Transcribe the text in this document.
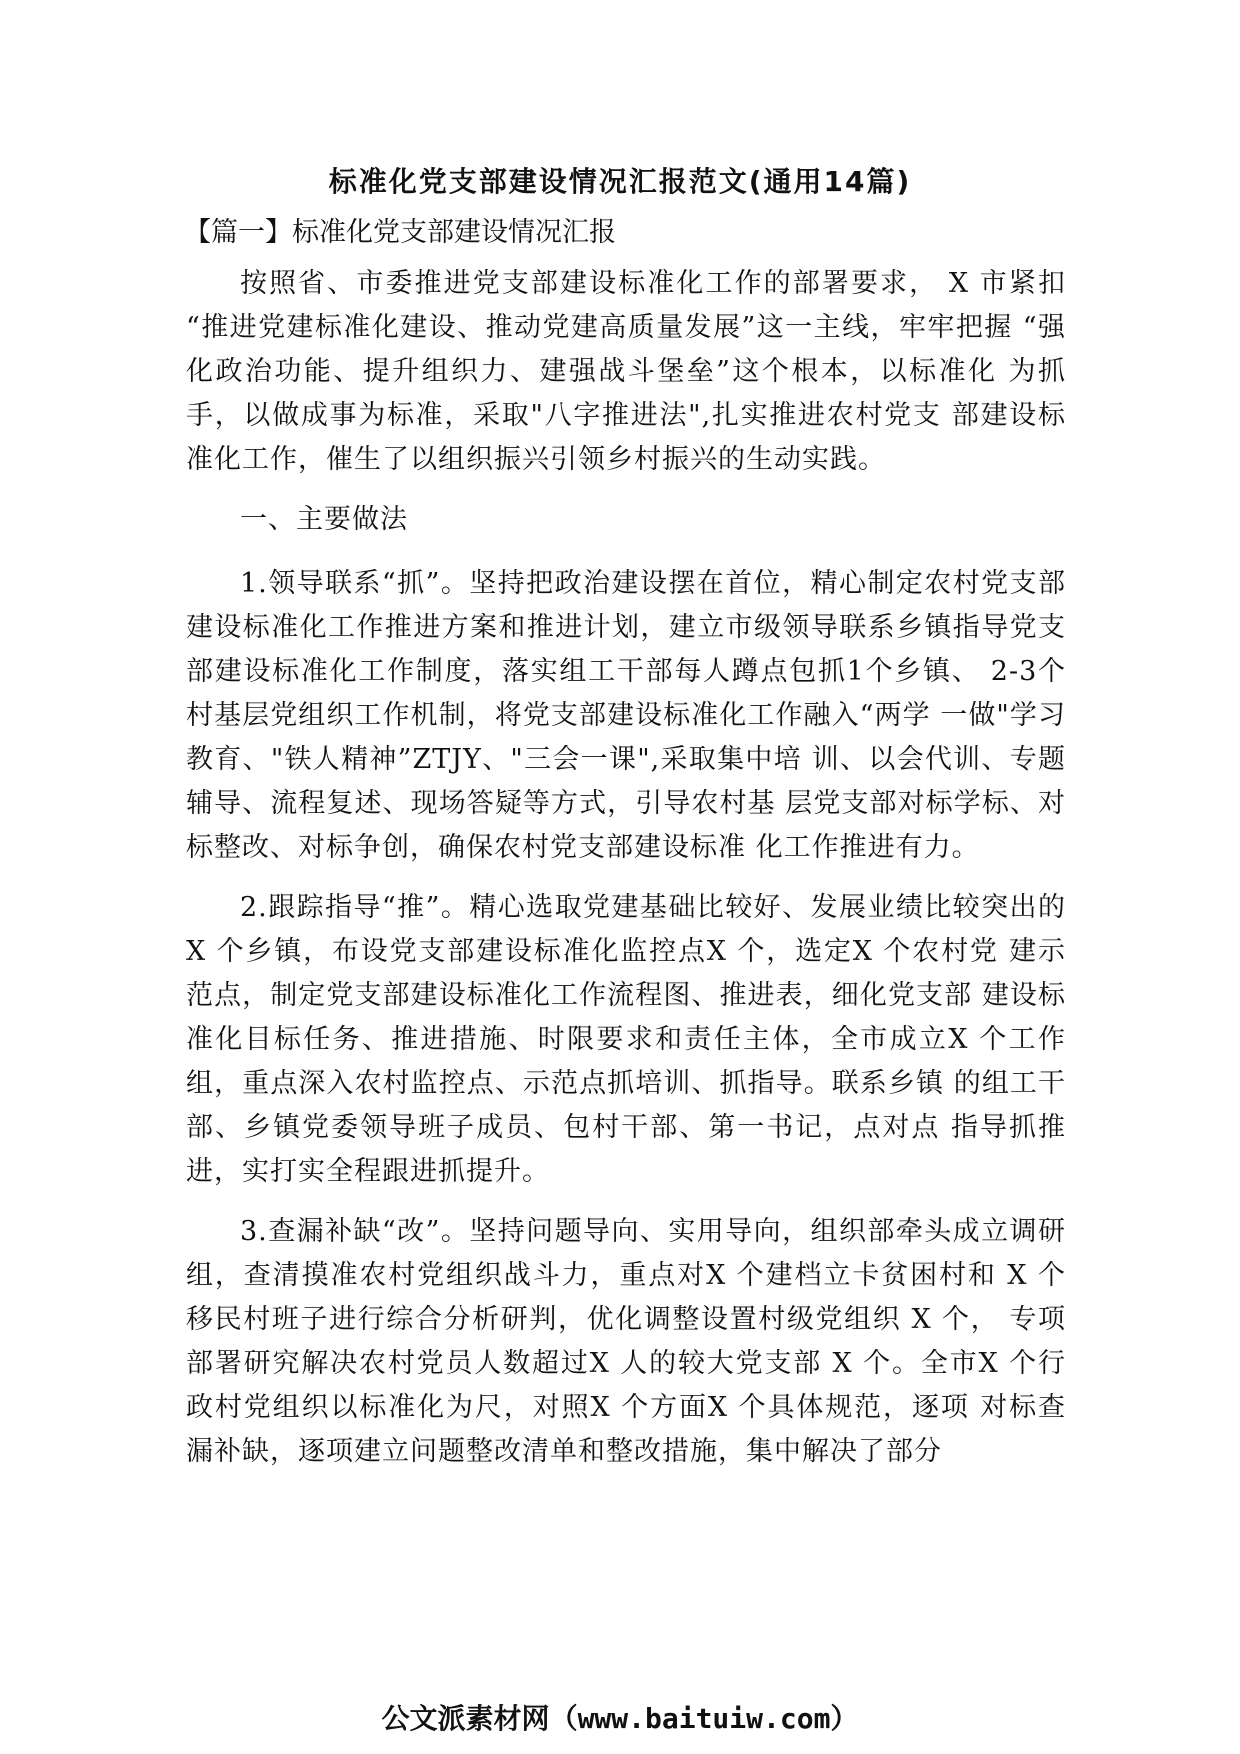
标准化党支部建设情况汇报范文(通用14篇)
【篇一】标准化党支部建设情况汇报

按照省、市委推进党支部建设标准化工作的部署要求， X 市紧扣 “推进党建标准化建设、推动党建高质量发展”这一主线，牢牢把握 “强化政治功能、提升组织力、建强战斗堡垒”这个根本，以标准化 为抓手，以做成事为标准，采取"八字推进法",扎实推进农村党支 部建设标准化工作，催生了以组织振兴引领乡村振兴的生动实践。

一、主要做法

1.领导联系“抓”。坚持把政治建设摆在首位，精心制定农村党支部建设标准化工作推进方案和推进计划，建立市级领导联系乡镇指导党支部建设标准化工作制度，落实组工干部每人蹲点包抓1个乡镇、 2-3个村基层党组织工作机制，将党支部建设标准化工作融入“两学 一做"学习教育、"铁人精神”ZTJY、"三会一课",采取集中培 训、以会代训、专题辅导、流程复述、现场答疑等方式，引导农村基 层党支部对标学标、对标整改、对标争创，确保农村党支部建设标准 化工作推进有力。

2.跟踪指导“推”。精心选取党建基础比较好、发展业绩比较突出的X 个乡镇，布设党支部建设标准化监控点X 个，选定X 个农村党 建示范点，制定党支部建设标准化工作流程图、推进表，细化党支部 建设标准化目标任务、推进措施、时限要求和责任主体，全市成立X 个工作组，重点深入农村监控点、示范点抓培训、抓指导。联系乡镇 的组工干部、乡镇党委领导班子成员、包村干部、第一书记，点对点 指导抓推进，实打实全程跟进抓提升。

3.查漏补缺“改”。坚持问题导向、实用导向，组织部牵头成立调研组，查清摸准农村党组织战斗力，重点对X 个建档立卡贫困村和 X 个移民村班子进行综合分析研判，优化调整设置村级党组织 X 个， 专项部署研究解决农村党员人数超过X 人的较大党支部 X 个。全市X 个行政村党组织以标准化为尺，对照X 个方面X 个具体规范，逐项 对标查漏补缺，逐项建立问题整改清单和整改措施，集中解决了部分

公文派素材网（www.baituiw.com）
